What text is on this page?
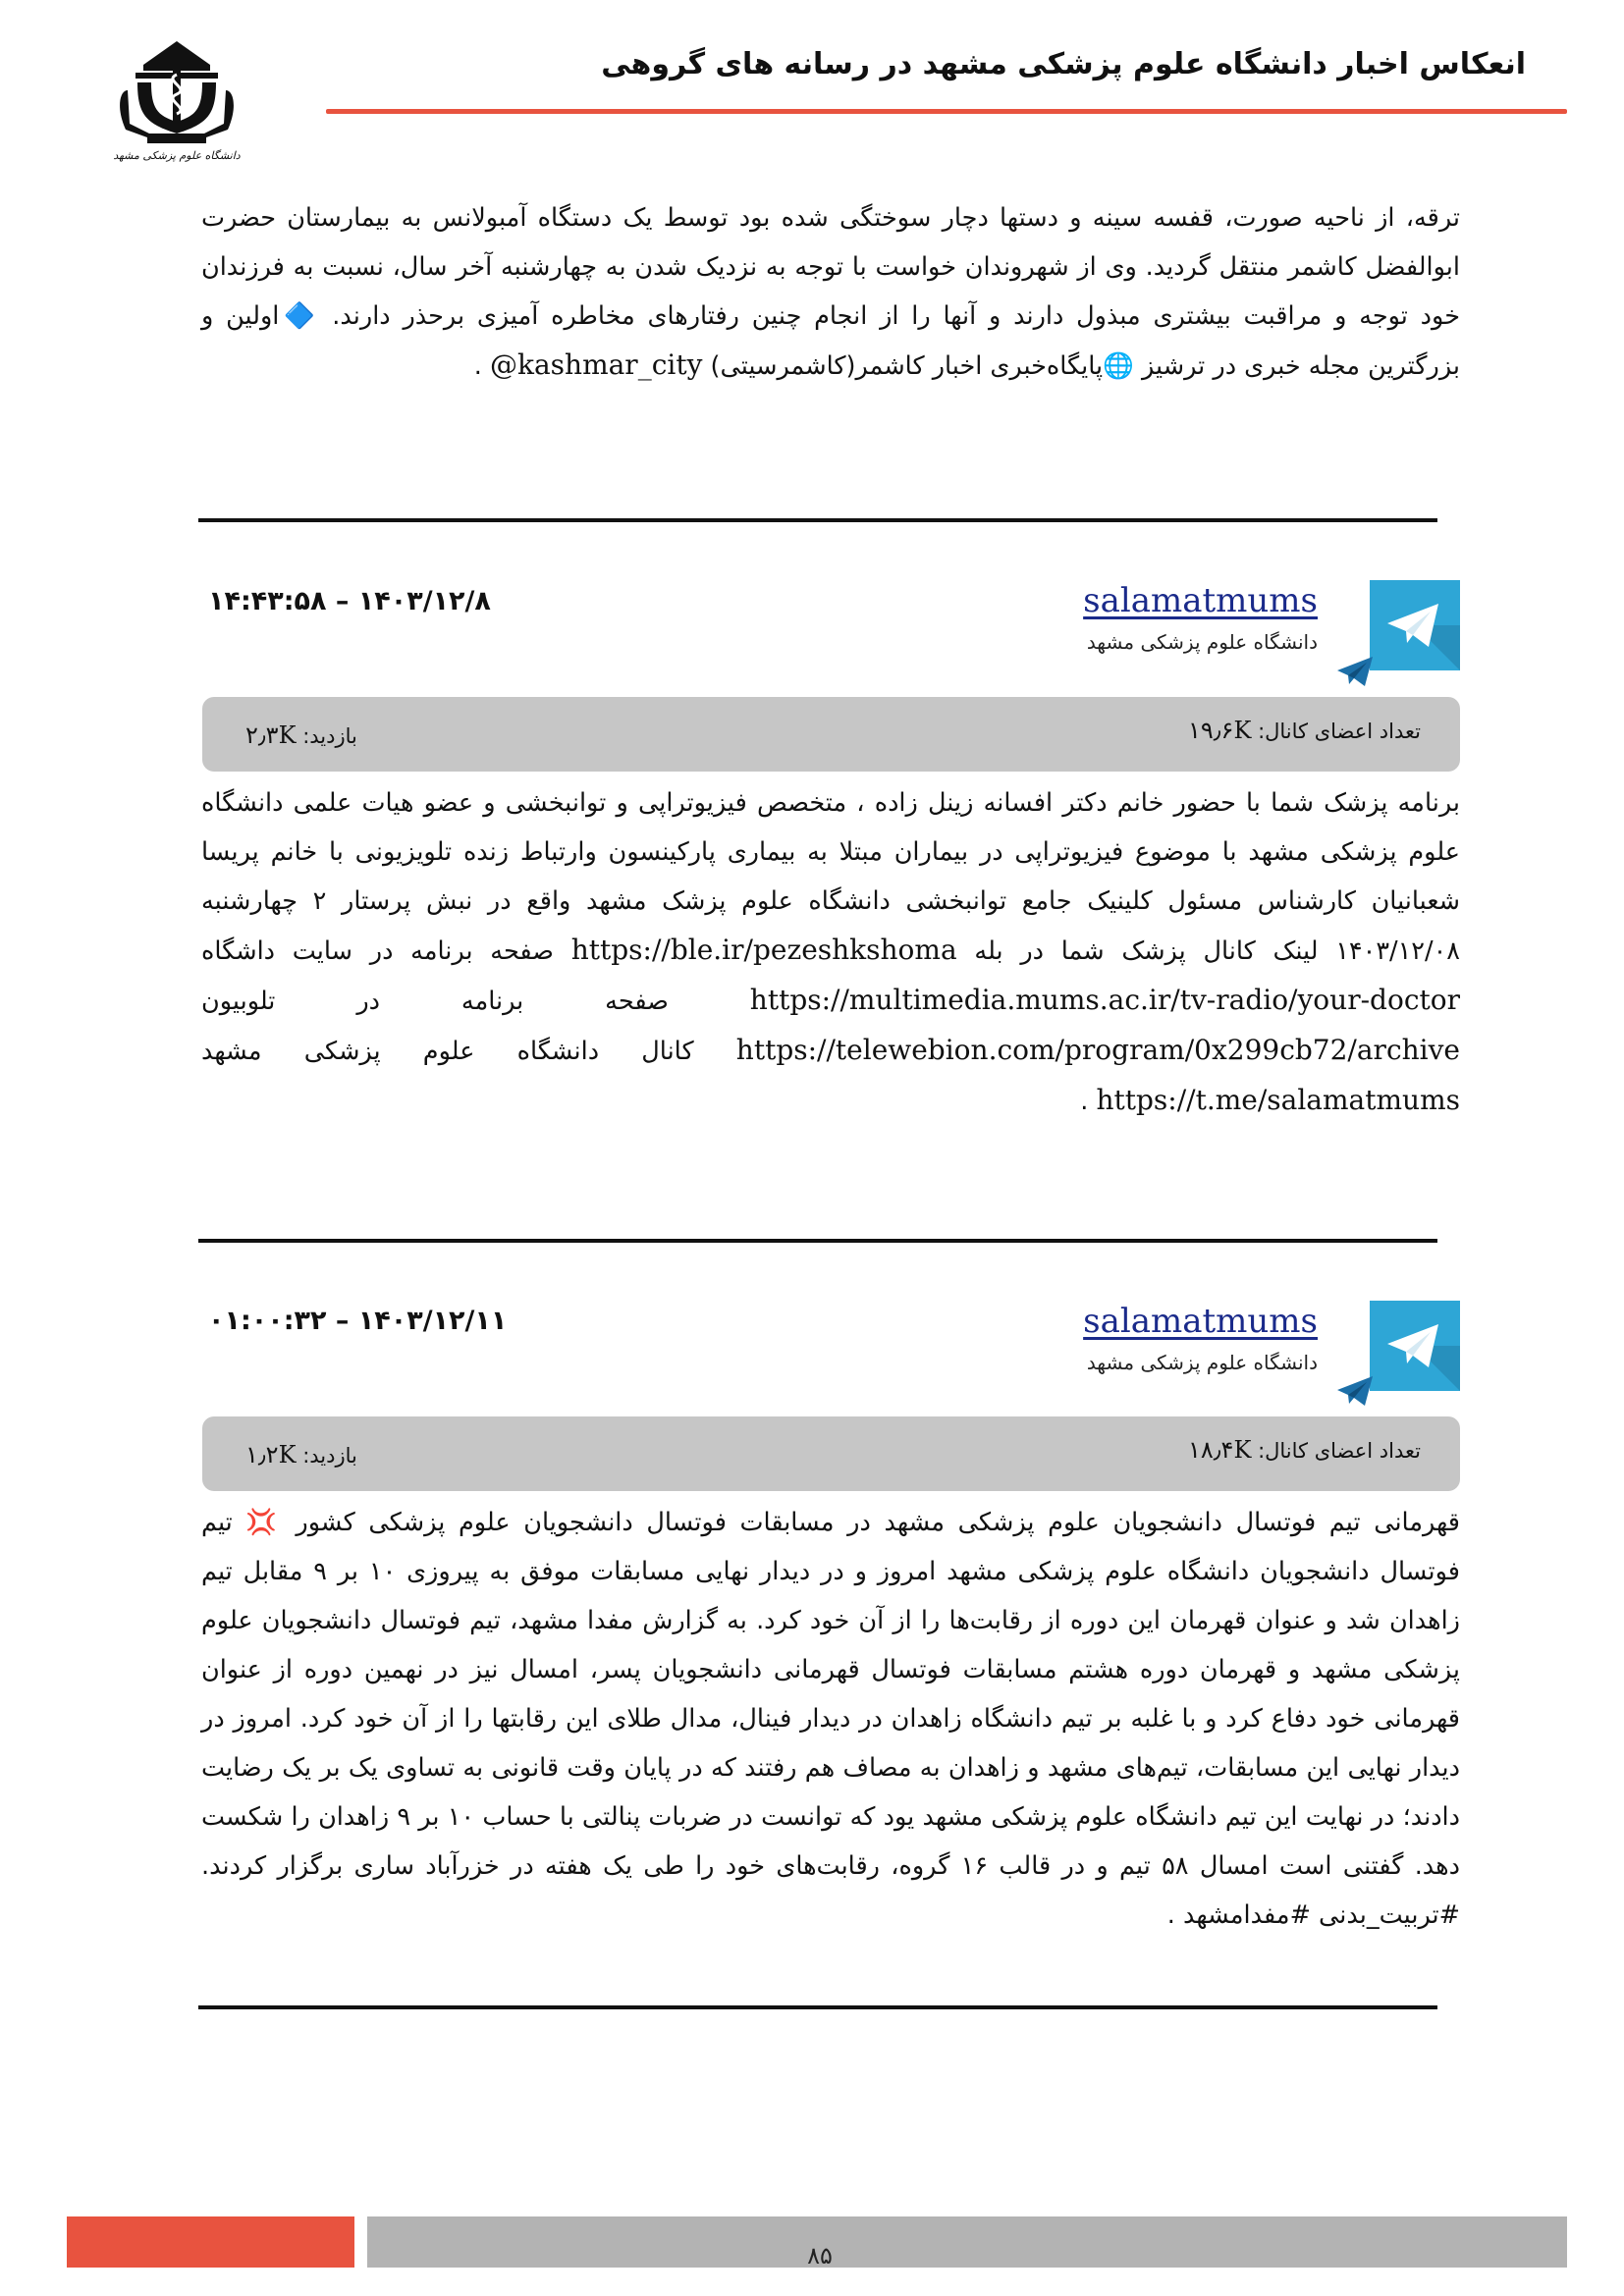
انعکاس اخبار دانشگاه علوم پزشکی مشهد در رسانه های گروهی
دانشگاه علوم پزشکی مشهد
ترقه، از ناحیه صورت، قفسه سینه و دستها دچار سوختگی شده بود توسط یک دستگاه آمبولانس به بیمارستان حضرت ابوالفضل کاشمر منتقل گردید. وی از شهروندان خواست با توجه به نزدیک شدن به چهارشنبه آخر سال، نسبت به فرزندان خود توجه و مراقبت بیشتری مبذول دارند و آنها را از انجام چنین رفتارهای مخاطره آمیزی برحذر دارند. 🔷اولین و بزرگترین مجله خبری در ترشیز 🌐پایگاه‌خبری اخبار کاشمر(کاشمرسیتی) @kashmar_city .
salamatmums
دانشگاه علوم پزشکی مشهد
۱۴۰۳/۱۲/۸ – ۱۴:۴۳:۵۸
تعداد اعضای کانال: ۱۹٫۶K
بازدید: ۲٫۳K
برنامه پزشک شما با حضور خانم دکتر افسانه زینل زاده ، متخصص فیزیوتراپی و توانبخشی و عضو هیات علمی دانشگاه علوم پزشکی مشهد با موضوع فیزیوتراپی در بیماران مبتلا به بیماری پارکینسون وارتباط زنده تلویزیونی با خانم پریسا شعبانیان کارشناس مسئول کلینیک جامع توانبخشی دانشگاه علوم پزشک مشهد واقع در نبش پرستار ۲ چهارشنبه ۱۴۰۳/۱۲/۰۸ لینک کانال پزشک شما در بله https://ble.ir/pezeshkshoma صفحه برنامه در سایت داشگاه https://multimedia.mums.ac.ir/tv-radio/your-doctor صفحه برنامه در تلوبیون https://telewebion.com/program/0x299cb72/archive کانال دانشگاه علوم پزشکی مشهد https://t.me/salamatmums .
salamatmums
دانشگاه علوم پزشکی مشهد
۱۴۰۳/۱۲/۱۱ – ۰۱:۰۰:۳۲
تعداد اعضای کانال: ۱۸٫۴K
بازدید: ۱٫۲K
قهرمانی تیم فوتسال دانشجویان علوم پزشکی مشهد در مسابقات فوتسال دانشجویان علوم پزشکی کشور 💢 تیم فوتسال دانشجویان دانشگاه علوم پزشکی مشهد امروز و در دیدار نهایی مسابقات موفق به پیروزی ۱۰ بر ۹ مقابل تیم زاهدان شد و عنوان قهرمان این دوره از رقابت‌ها را از آن خود کرد. به گزارش مفدا مشهد، تیم فوتسال دانشجویان علوم پزشکی مشهد و قهرمان دوره هشتم مسابقات فوتسال قهرمانی دانشجویان پسر، امسال نیز در نهمین دوره از عنوان قهرمانی خود دفاع کرد و با غلبه بر تیم دانشگاه زاهدان در دیدار فینال، مدال طلای این رقابتها را از آن خود کرد. امروز در دیدار نهایی این مسابقات، تیم‌های مشهد و زاهدان به مصاف هم رفتند که در پایان وقت قانونی به تساوی یک بر یک رضایت دادند؛ در نهایت این تیم دانشگاه علوم پزشکی مشهد یود که توانست در ضربات پنالتی با حساب ۱۰ بر ۹ زاهدان را شکست دهد. گفتنی است امسال ۵۸ تیم و در قالب ۱۶ گروه، رقابت‌های خود را طی یک هفته در خزرآباد ساری برگزار کردند. #تربیت_بدنی #مفدامشهد .
۸۵
